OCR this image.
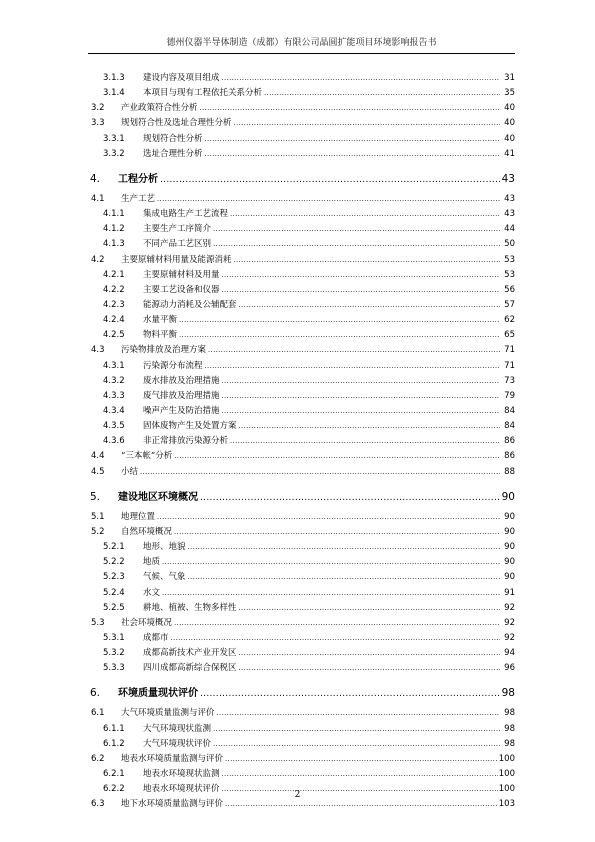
德州仪器半导体制造（成都）有限公司晶圆扩能项目环境影响报告书
3.1.3 建设内容及项目组成 .....	31
3.1.4 本项目与现有工程依托关系分析 .....	35
3.2 产业政策符合性分析 .....	40
3.3 规划符合性及选址合理性分析 .....	40
3.3.1 规划符合性分析 .....	40
3.3.2 选址合理性分析 .....	41
4. 工程分析 .....	43
4.1 生产工艺 .....	43
4.1.1 集成电路生产工艺流程 .....	43
4.1.2 主要生产工序简介 .....	44
4.1.3 不同产品工艺区别 .....	50
4.2 主要原辅材料用量及能源消耗 .....	53
4.2.1 主要原辅材料及用量 .....	53
4.2.2 主要工艺设备和仪器 .....	56
4.2.3 能源动力消耗及公辅配套 .....	57
4.2.4 水量平衡 .....	62
4.2.5 物料平衡 .....	65
4.3 污染物排放及治理方案 .....	71
4.3.1 污染源分布流程 .....	71
4.3.2 废水排放及治理措施 .....	73
4.3.3 废气排放及治理措施 .....	79
4.3.4 噪声产生及防治措施 .....	84
4.3.5 固体废物产生及处置方案 .....	84
4.3.6 非正常排放污染源分析 .....	86
4.4 “三本帐”分析 .....	86
4.5 小结 .....	88
5. 建设地区环境概况 .....	90
5.1 地理位置 .....	90
5.2 自然环境概况 .....	90
5.2.1 地形、地貌 .....	90
5.2.2 地质 .....	90
5.2.3 气候、气象 .....	90
5.2.4 水文 .....	91
5.2.5 耕地、植被、生物多样性 .....	92
5.3 社会环境概况 .....	92
5.3.1 成都市 .....	92
5.3.2 成都高新技术产业开发区 .....	94
5.3.3 四川成都高新综合保税区 .....	96
6. 环境质量现状评价 .....	98
6.1 大气环境质量监测与评价 .....	98
6.1.1 大气环境现状监测 .....	98
6.1.2 大气环境现状评价 .....	98
6.2 地表水环境质量监测与评价 .....	100
6.2.1 地表水环境现状监测 .....	100
6.2.2 地表水环境现状评价 .....	100
6.3 地下水环境质量监测与评价 .....	103
2
